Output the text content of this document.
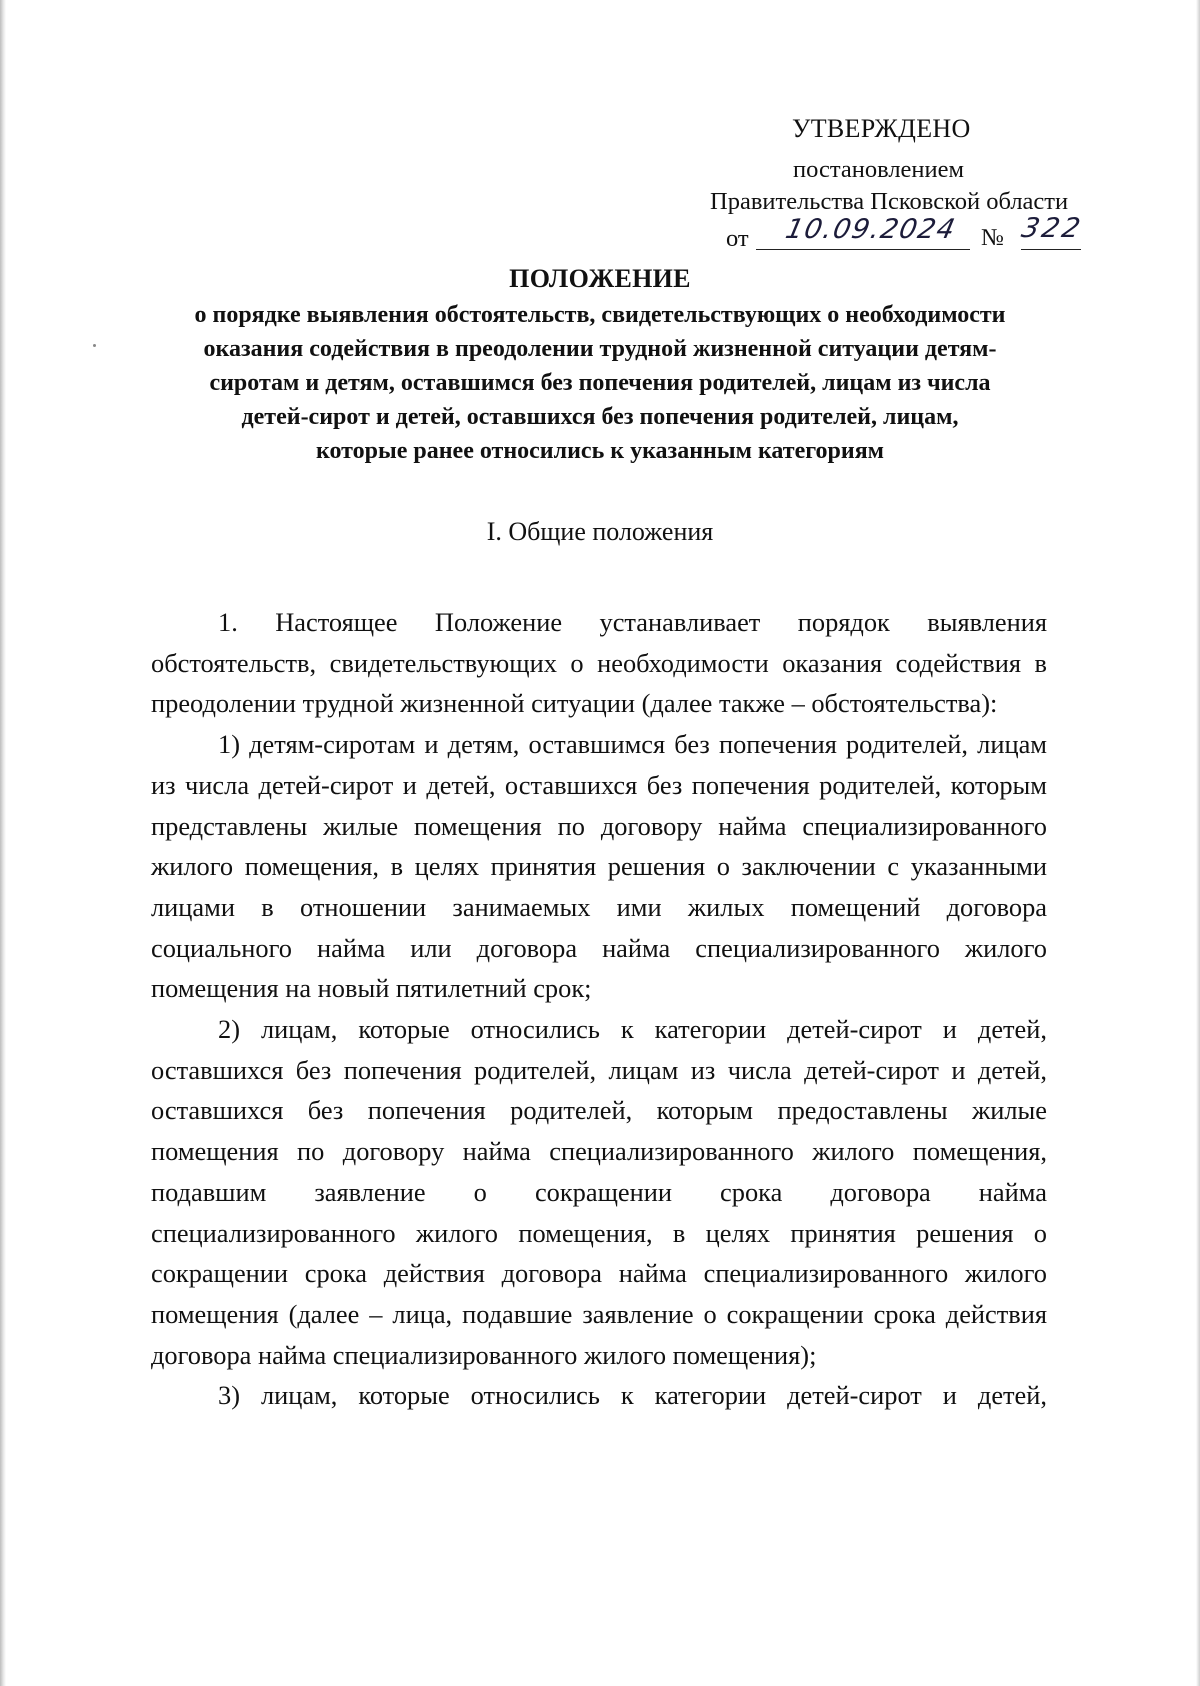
УТВЕРЖДЕНО
постановлением
Правительства Псковской области
от 10.09.2024 № 322
ПОЛОЖЕНИЕ
о порядке выявления обстоятельств, свидетельствующих о необходимости
оказания содействия в преодолении трудной жизненной ситуации детям-
сиротам и детям, оставшимся без попечения родителей, лицам из числа
детей-сирот и детей, оставшихся без попечения родителей, лицам,
которые ранее относились к указанным категориям
I. Общие положения

1. Настоящее Положение устанавливает порядок выявления обстоятельств, свидетельствующих о необходимости оказания содействия в преодолении трудной жизненной ситуации (далее также – обстоятельства):

1) детям-сиротам и детям, оставшимся без попечения родителей, лицам из числа детей-сирот и детей, оставшихся без попечения родителей, которым представлены жилые помещения по договору найма специализированного жилого помещения, в целях принятия решения о заключении с указанными лицами в отношении занимаемых ими жилых помещений договора социального найма или договора найма специализированного жилого помещения на новый пятилетний срок;

2) лицам, которые относились к категории детей-сирот и детей, оставшихся без попечения родителей, лицам из числа детей-сирот и детей, оставшихся без попечения родителей, которым предоставлены жилые помещения по договору найма специализированного жилого помещения, подавшим заявление о сокращении срока договора найма специализированного жилого помещения, в целях принятия решения о сокращении срока действия договора найма специализированного жилого помещения (далее – лица, подавшие заявление о сокращении срока действия договора найма специализированного жилого помещения);

3) лицам, которые относились к категории детей-сирот и детей,
